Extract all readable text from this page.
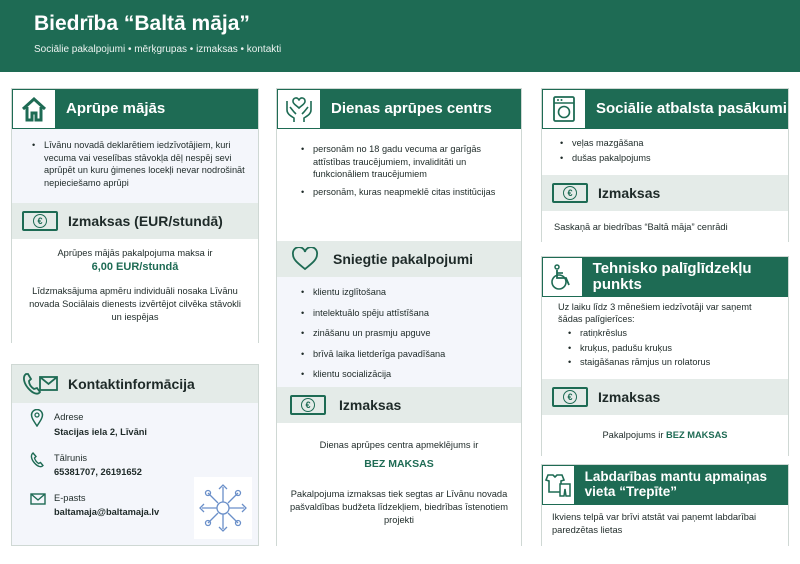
Biedrība “Baltā māja”
Sociālie pakalpojumi • mērķgrupas • izmaksas • kontakti
Aprūpe mājās
• Līvānu novadā deklarētiem iedzīvotājiem, kuri vecuma vai veselības stāvokļa dēļ nespēj sevi aprūpēt un kuru ģimenes locekļi nevar nodrošināt nepieciešamo aprūpi
€	Izmaksas (EUR/stundā)
Aprūpes mājās pakalpojuma maksa ir
6,00 EUR/stundā
Līdzmaksājuma apmēru individuāli nosaka Līvānu novada Sociālais dienests izvērtējot cilvēka stāvokli un iespējas
Kontaktinformācija
Adrese
Stacijas iela 2, Līvāni
Tālrunis
65381707, 26191652
E-pasts
baltamaja@baltamaja.lv
Dienas aprūpes centrs
• personām no 18 gadu vecuma ar garīgās attīstības traucējumiem, invaliditāti un funkcionāliem traucējumiem
• personām, kuras neapmeklē citas institūcijas
Sniegtie pakalpojumi
• klientu izglītošana
• intelektuālo spēju attīstīšana
• zināšanu un prasmju apguve
• brīvā laika lietderīga pavadīšana
• klientu socializācija
€	Izmaksas
Dienas aprūpes centra apmeklējums ir
BEZ MAKSAS
Pakalpojuma izmaksas tiek segtas ar Līvānu novada pašvaldības budžeta līdzekļiem, biedrības īstenotiem projekti
Sociālie atbalsta pasākumi
• veļas mazgāšana
• dušas pakalpojums
€	Izmaksas
Saskaņā ar biedrības “Baltā māja” cenrādi
Tehnisko palīglīdzekļu punkts
Uz laiku līdz 3 mēnešiem iedzīvotāji var saņemt šādas palīgierīces:
• ratiņkrēslus
• kruķus, padušu kruķus
• staigāšanas rāmjus un rolatorus
€	Izmaksas
Pakalpojums ir BEZ MAKSAS
Labdarības mantu apmaiņas vieta “Trepīte”
Ikviens telpā var brīvi atstāt vai paņemt labdarībai paredzētas lietas
